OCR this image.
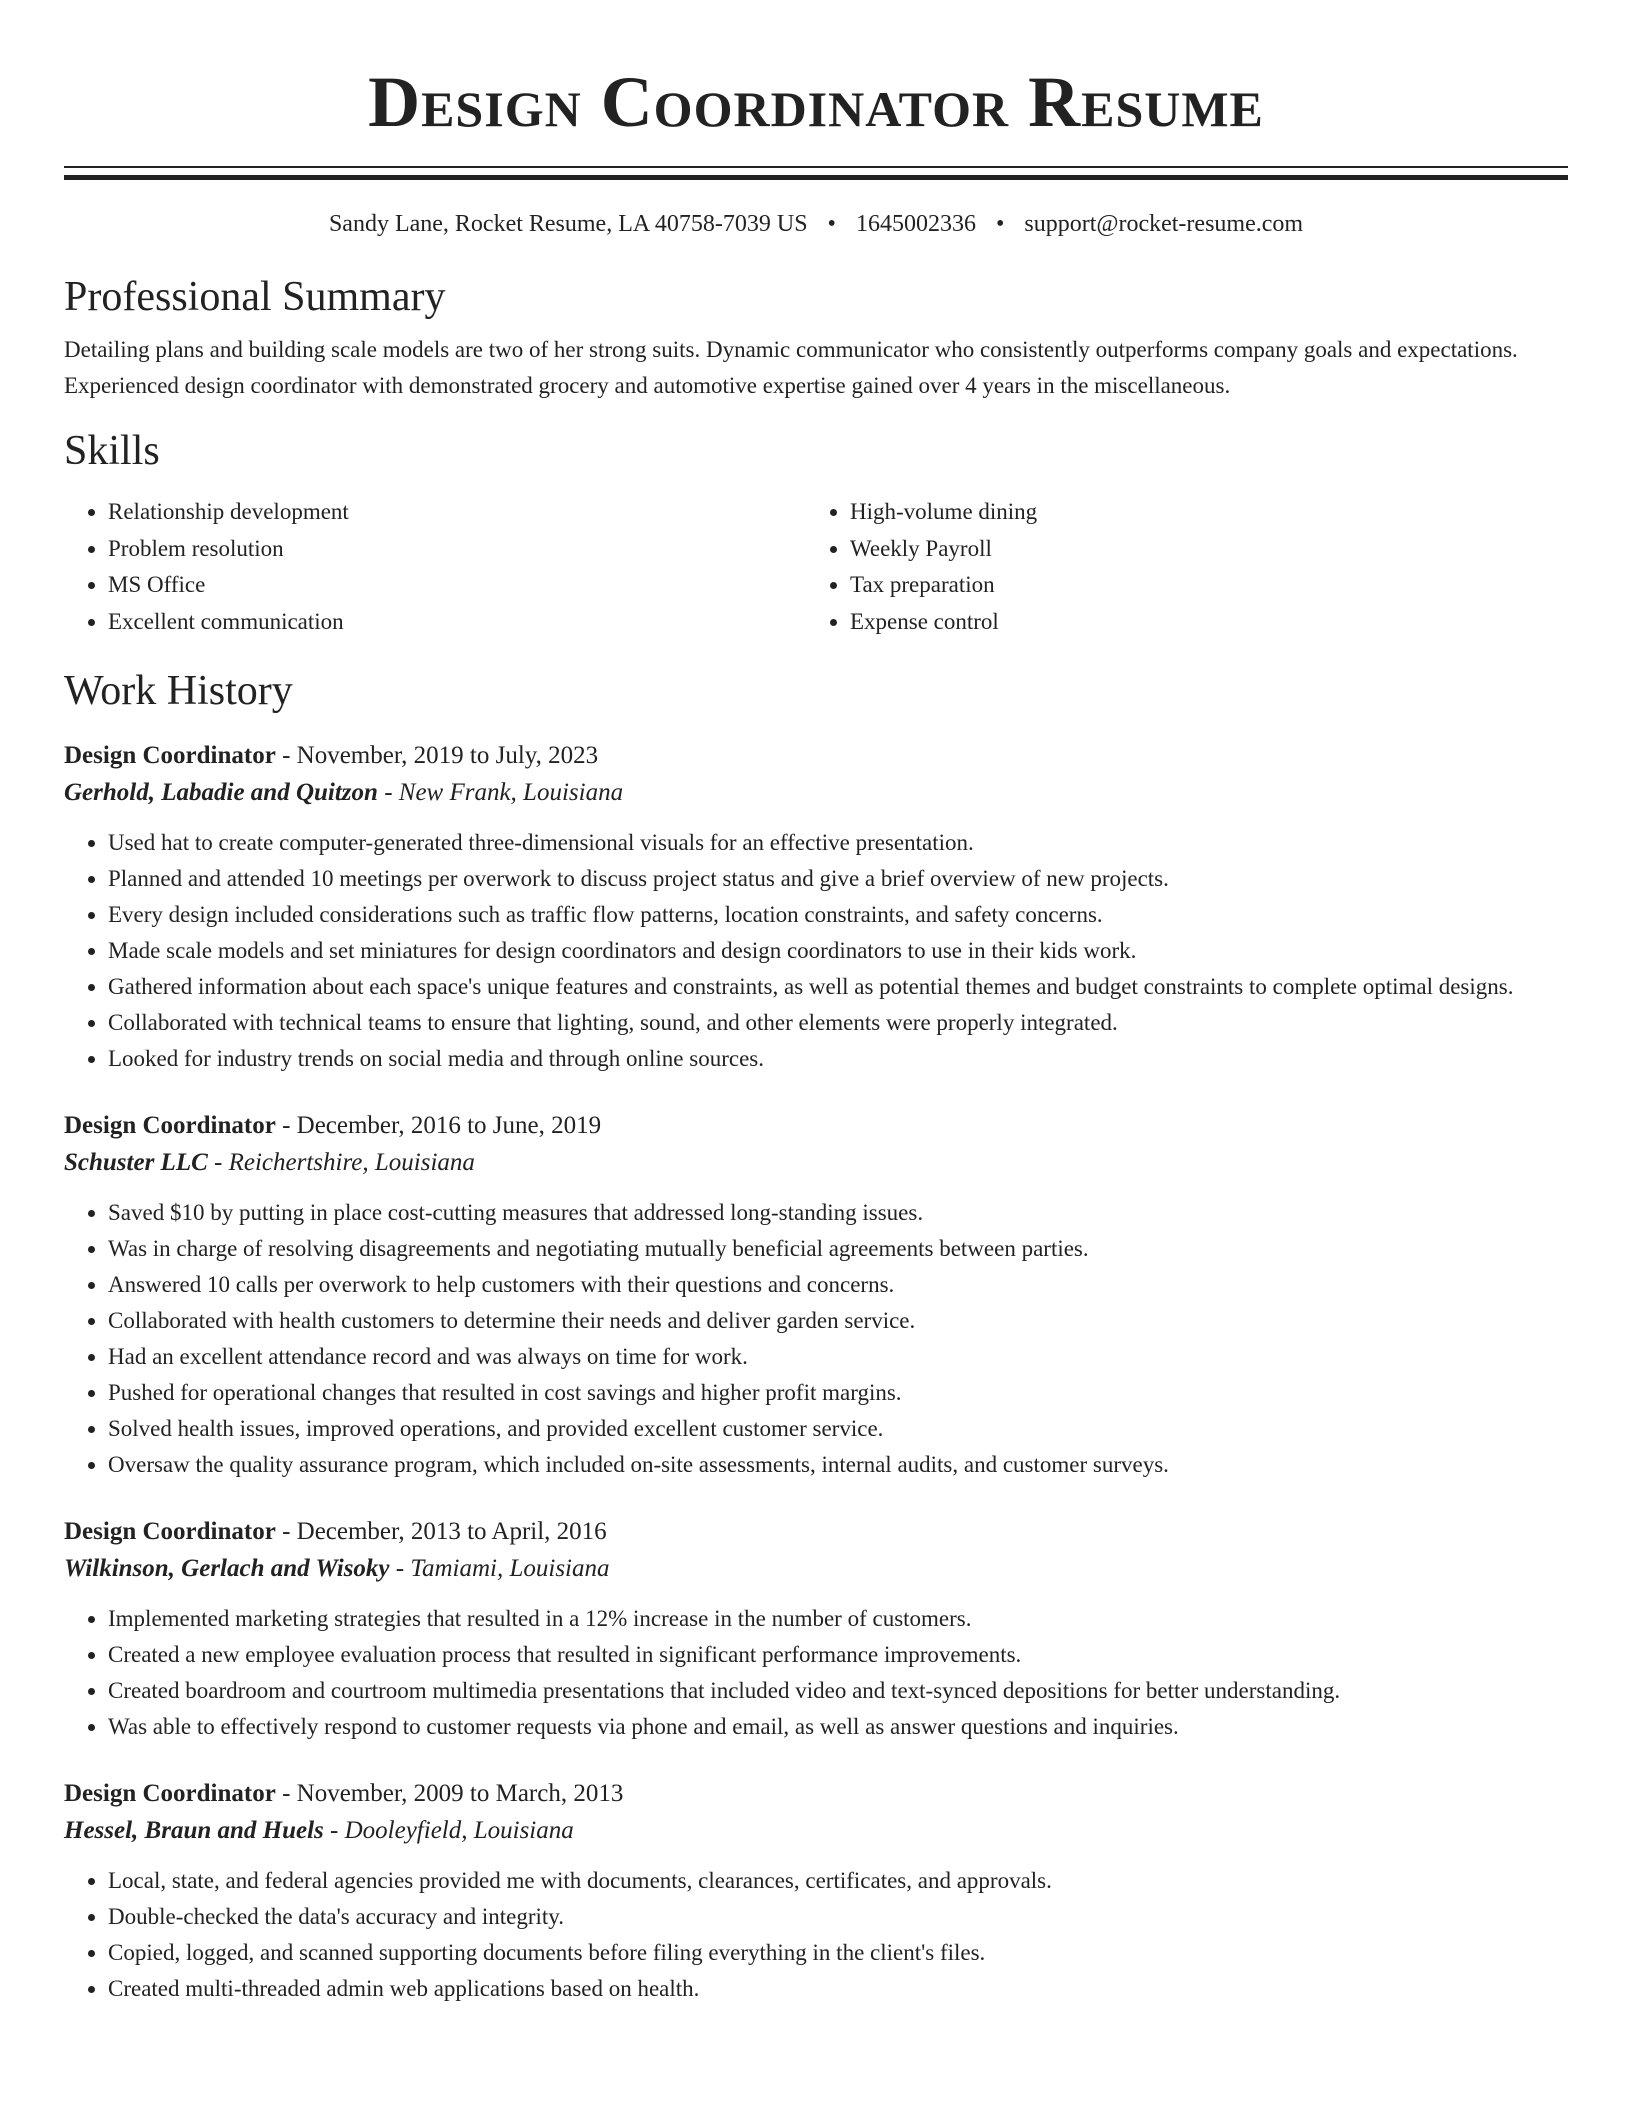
Design Coordinator Resume
Sandy Lane, Rocket Resume, LA 40758-7039 US • 1645002336 • support@rocket-resume.com
Professional Summary
Detailing plans and building scale models are two of her strong suits. Dynamic communicator who consistently outperforms company goals and expectations. Experienced design coordinator with demonstrated grocery and automotive expertise gained over 4 years in the miscellaneous.
Skills
• Relationship development
• Problem resolution
• MS Office
• Excellent communication
• High-volume dining
• Weekly Payroll
• Tax preparation
• Expense control
Work History
Design Coordinator - November, 2019 to July, 2023
Gerhold, Labadie and Quitzon - New Frank, Louisiana
• Used hat to create computer-generated three-dimensional visuals for an effective presentation.
• Planned and attended 10 meetings per overwork to discuss project status and give a brief overview of new projects.
• Every design included considerations such as traffic flow patterns, location constraints, and safety concerns.
• Made scale models and set miniatures for design coordinators and design coordinators to use in their kids work.
• Gathered information about each space's unique features and constraints, as well as potential themes and budget constraints to complete optimal designs.
• Collaborated with technical teams to ensure that lighting, sound, and other elements were properly integrated.
• Looked for industry trends on social media and through online sources.
Design Coordinator - December, 2016 to June, 2019
Schuster LLC - Reichertshire, Louisiana
• Saved $10 by putting in place cost-cutting measures that addressed long-standing issues.
• Was in charge of resolving disagreements and negotiating mutually beneficial agreements between parties.
• Answered 10 calls per overwork to help customers with their questions and concerns.
• Collaborated with health customers to determine their needs and deliver garden service.
• Had an excellent attendance record and was always on time for work.
• Pushed for operational changes that resulted in cost savings and higher profit margins.
• Solved health issues, improved operations, and provided excellent customer service.
• Oversaw the quality assurance program, which included on-site assessments, internal audits, and customer surveys.
Design Coordinator - December, 2013 to April, 2016
Wilkinson, Gerlach and Wisoky - Tamiami, Louisiana
• Implemented marketing strategies that resulted in a 12% increase in the number of customers.
• Created a new employee evaluation process that resulted in significant performance improvements.
• Created boardroom and courtroom multimedia presentations that included video and text-synced depositions for better understanding.
• Was able to effectively respond to customer requests via phone and email, as well as answer questions and inquiries.
Design Coordinator - November, 2009 to March, 2013
Hessel, Braun and Huels - Dooleyfield, Louisiana
• Local, state, and federal agencies provided me with documents, clearances, certificates, and approvals.
• Double-checked the data's accuracy and integrity.
• Copied, logged, and scanned supporting documents before filing everything in the client's files.
• Created multi-threaded admin web applications based on health.
